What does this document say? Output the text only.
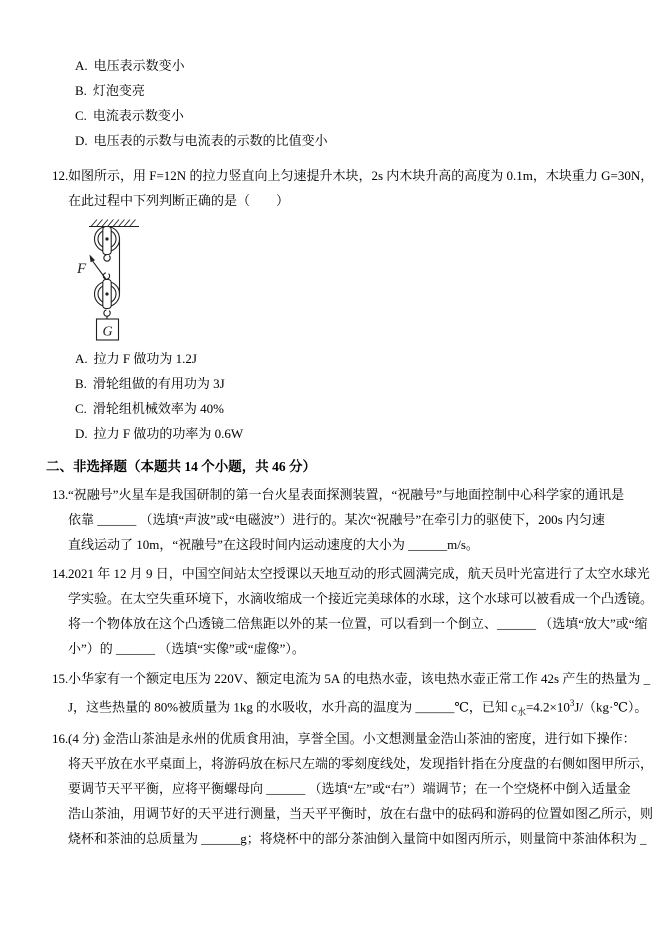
A. 电压表示数变小
B. 灯泡变亮
C. 电流表示数变小
D. 电压表的示数与电流表的示数的比值变小
12. 如图所示，用 F=12N 的拉力竖直向上匀速提升木块，2s 内木块升高的高度为 0.1m，木块重力 G=30N，
在此过程中下列判断正确的是（　　）
F
G
A. 拉力 F 做功为 1.2J
B. 滑轮组做的有用功为 3J
C. 滑轮组机械效率为 40%
D. 拉力 F 做功的功率为 0.6W
二、非选择题（本题共 14 个小题，共 46 分）
13. “祝融号”火星车是我国研制的第一台火星表面探测装置，“祝融号”与地面控制中心科学家的通讯是
依靠 ______ （选填“声波”或“电磁波”）进行的。某次“祝融号”在牵引力的驱使下，200s 内匀速
直线运动了 10m，“祝融号”在这段时间内运动速度的大小为 ______m/s。
14. 2021 年 12 月 9 日，中国空间站太空授课以天地互动的形式圆满完成，航天员叶光富进行了太空水球光
学实验。在太空失重环境下，水滴收缩成一个接近完美球体的水球，这个水球可以被看成一个凸透镜。
将一个物体放在这个凸透镜二倍焦距以外的某一位置，可以看到一个倒立、______ （选填“放大”或“缩
小”）的 ______ （选填“实像”或“虚像”）。
15. 小华家有一个额定电压为 220V、额定电流为 5A 的电热水壶，该电热水壶正常工作 42s 产生的热量为 _
J，这些热量的 80%被质量为 1kg 的水吸收，水升高的温度为 ______℃，已知 $c_水=4.2\times 10^3J/(kg\cdot℃)$。
16. (4 分) 金浩山茶油是永州的优质食用油，享誉全国。小文想测量金浩山茶油的密度，进行如下操作：
将天平放在水平桌面上，将游码放在标尺左端的零刻度线处，发现指针指在分度盘的右侧如图甲所示，
要调节天平平衡，应将平衡螺母向 ______ （选填“左”或“右”）端调节；在一个空烧杯中倒入适量金
浩山茶油，用调节好的天平进行测量，当天平平衡时，放在右盘中的砝码和游码的位置如图乙所示，则
烧杯和茶油的总质量为 ______g；将烧杯中的部分茶油倒入量筒中如图丙所示，则量筒中茶油体积为 _
